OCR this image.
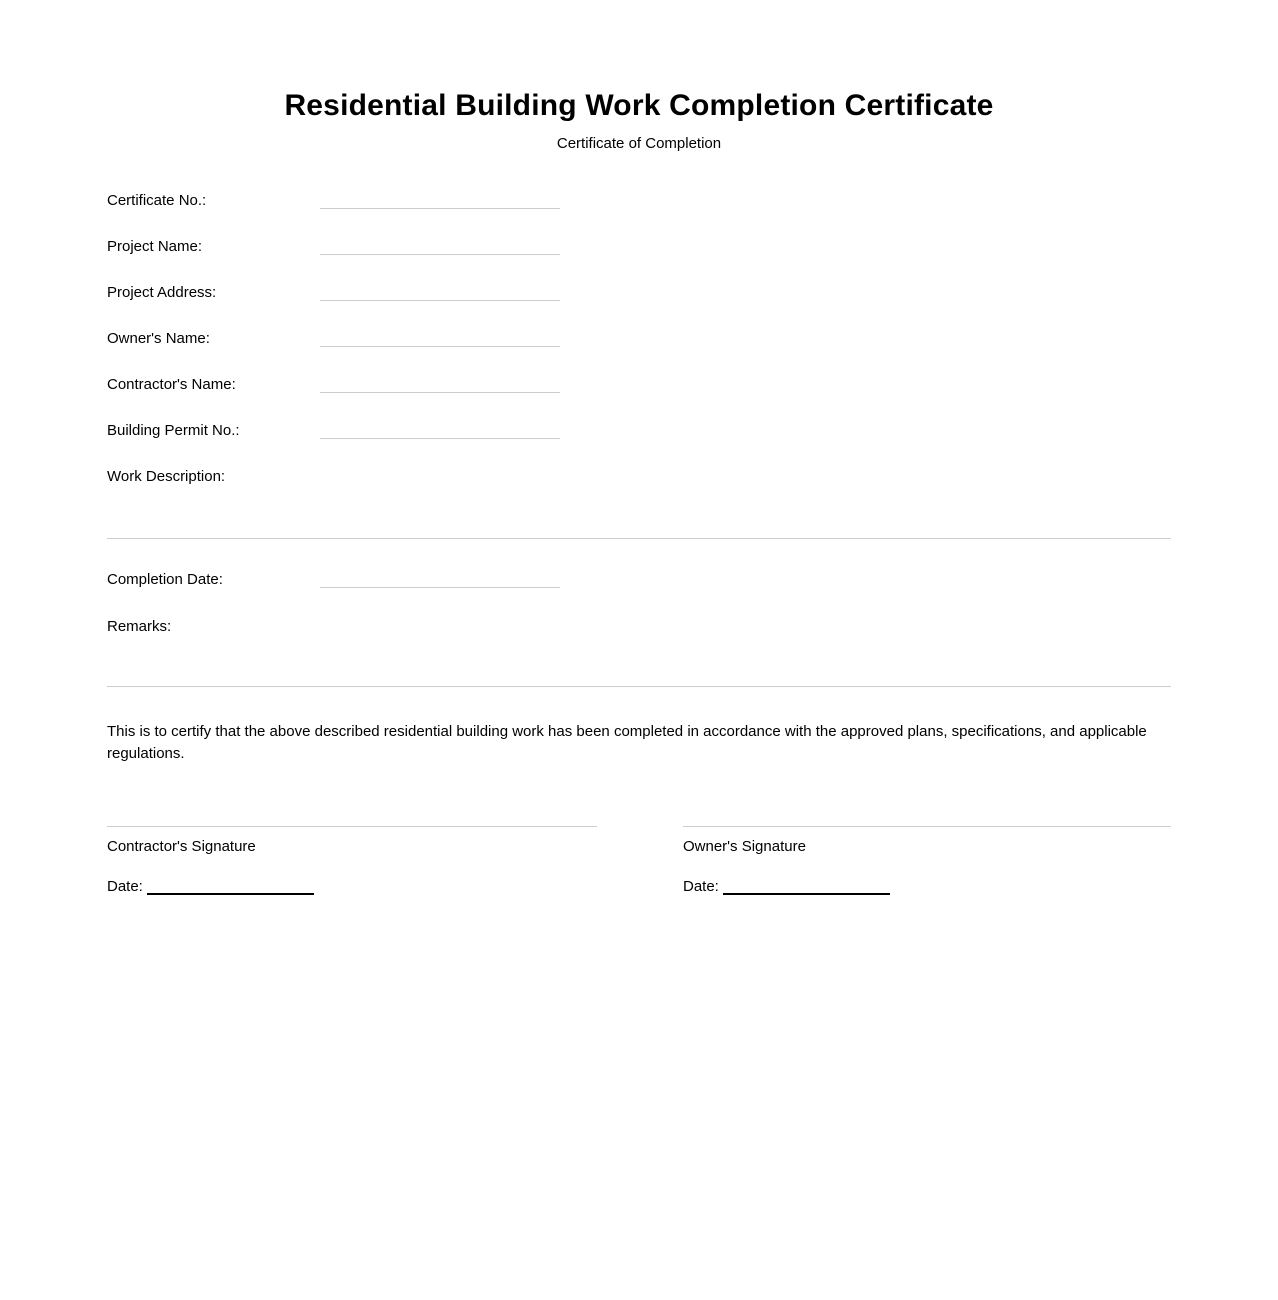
Residential Building Work Completion Certificate
Certificate of Completion
Certificate No.:
Project Name:
Project Address:
Owner's Name:
Contractor's Name:
Building Permit No.:

Work Description:

Completion Date:

Remarks:

This is to certify that the above described residential building work has been completed in accordance with the approved plans, specifications, and applicable regulations.

Contractor's Signature

Date:

Owner's Signature

Date:
